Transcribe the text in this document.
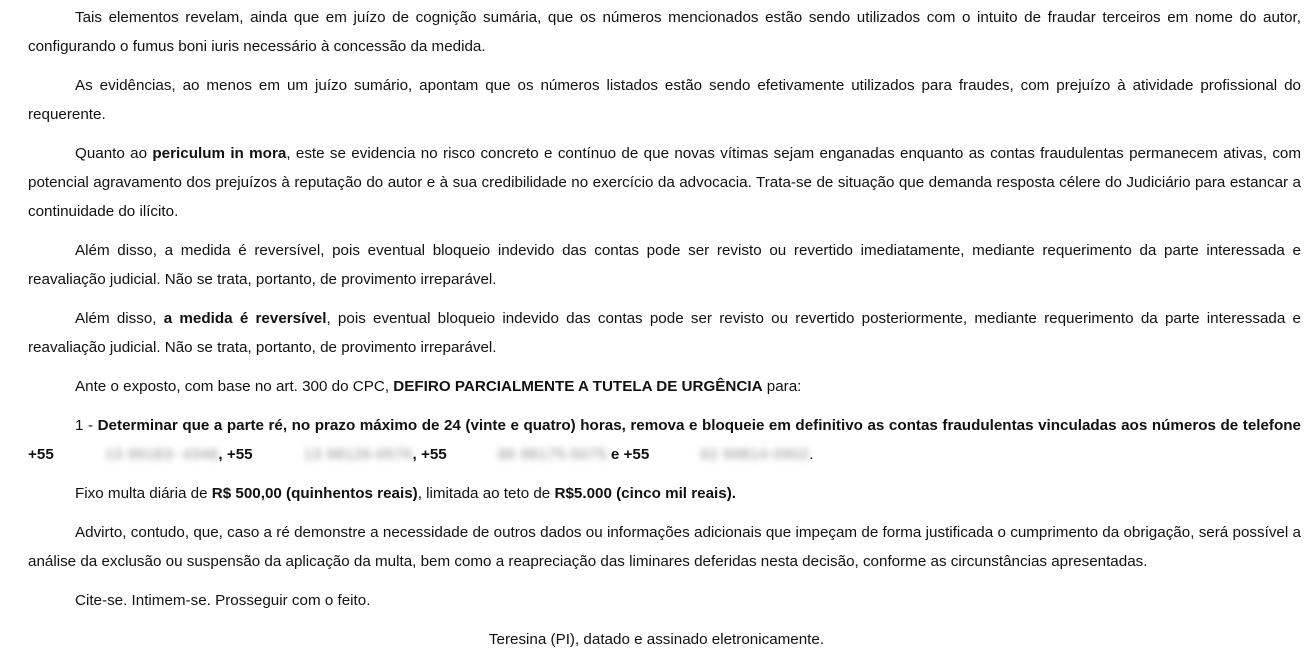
Tais elementos revelam, ainda que em juízo de cognição sumária, que os números mencionados estão sendo utilizados com o intuito de fraudar terceiros em nome do autor, configurando o fumus boni iuris necessário à concessão da medida.

As evidências, ao menos em um juízo sumário, apontam que os números listados estão sendo efetivamente utilizados para fraudes, com prejuízo à atividade profissional do requerente.

Quanto ao periculum in mora, este se evidencia no risco concreto e contínuo de que novas vítimas sejam enganadas enquanto as contas fraudulentas permanecem ativas, com potencial agravamento dos prejuízos à reputação do autor e à sua credibilidade no exercício da advocacia. Trata-se de situação que demanda resposta célere do Judiciário para estancar a continuidade do ilícito.

Além disso, a medida é reversível, pois eventual bloqueio indevido das contas pode ser revisto ou revertido imediatamente, mediante requerimento da parte interessada e reavaliação judicial. Não se trata, portanto, de provimento irreparável.

Além disso, a medida é reversível, pois eventual bloqueio indevido das contas pode ser revisto ou revertido posteriormente, mediante requerimento da parte interessada e reavaliação judicial. Não se trata, portanto, de provimento irreparável.

Ante o exposto, com base no art. 300 do CPC, DEFIRO PARCIALMENTE A TUTELA DE URGÊNCIA para:

1 - Determinar que a parte ré, no prazo máximo de 24 (vinte e quatro) horas, remova e bloqueie em definitivo as contas fraudulentas vinculadas aos números de telefone +55	13 99183- 4348, +55	13 98126-6576, +55	86 98175-5075 e +55	62 99814-0902.

Fixo multa diária de R$ 500,00 (quinhentos reais), limitada ao teto de R$5.000 (cinco mil reais).

Advirto, contudo, que, caso a ré demonstre a necessidade de outros dados ou informações adicionais que impeçam de forma justificada o cumprimento da obrigação, será possível a análise da exclusão ou suspensão da aplicação da multa, bem como a reapreciação das liminares deferidas nesta decisão, conforme as circunstâncias apresentadas.

Cite-se. Intimem-se. Prosseguir com o feito.

Teresina (PI), datado e assinado eletronicamente.
